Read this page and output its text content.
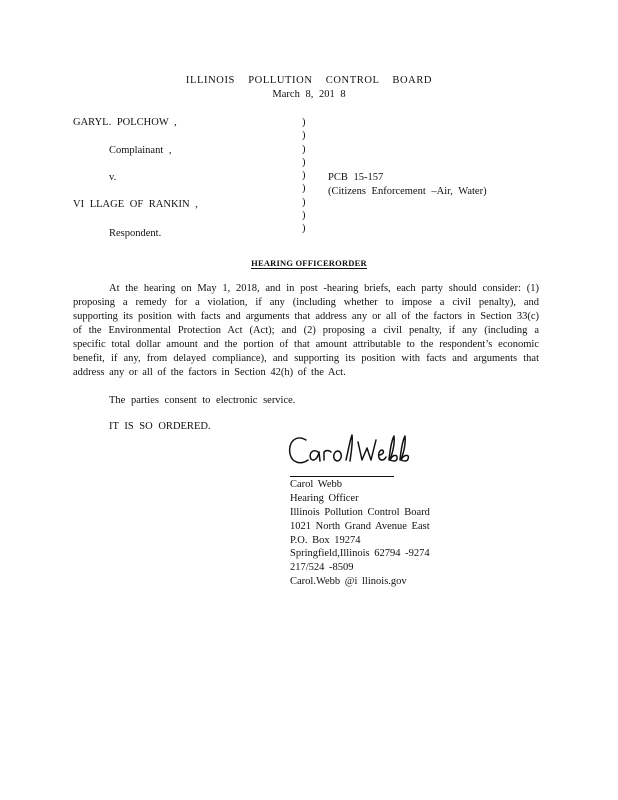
ILLINOIS POLLUTION CONTROL BOARD
March 8, 201 8
GARYL. POLCHOW ,
Complainant ,
v.
VI LLAGE OF RANKIN ,
Respondent.
)
)
)
)
)
)
)
)
)
PCB 15-157
(Citizens Enforcement –Air, Water)
HEARING OFFICERORDER
At the hearing on May 1, 2018, and in post -hearing briefs, each party should consider: (1) proposing a remedy for a violation, if any (including whether to impose a civil penalty), and supporting its position with facts and arguments that address any or all of the factors in Section 33(c) of the Environmental Protection Act (Act); and (2) proposing a civil penalty, if any (including a specific total dollar amount and the portion of that amount attributable to the respondent’s economic benefit, if any, from delayed compliance), and supporting its position with facts and arguments that address any or all of the factors in Section 42(h) of the Act.
The parties consent to electronic service.
IT IS SO ORDERED.
Carol Webb
Hearing Officer
Illinois Pollution Control Board
1021 North Grand Avenue East
P.O. Box 19274
Springfield,Illinois 62794 -9274
217/524 -8509
Carol.Webb @i llinois.gov
